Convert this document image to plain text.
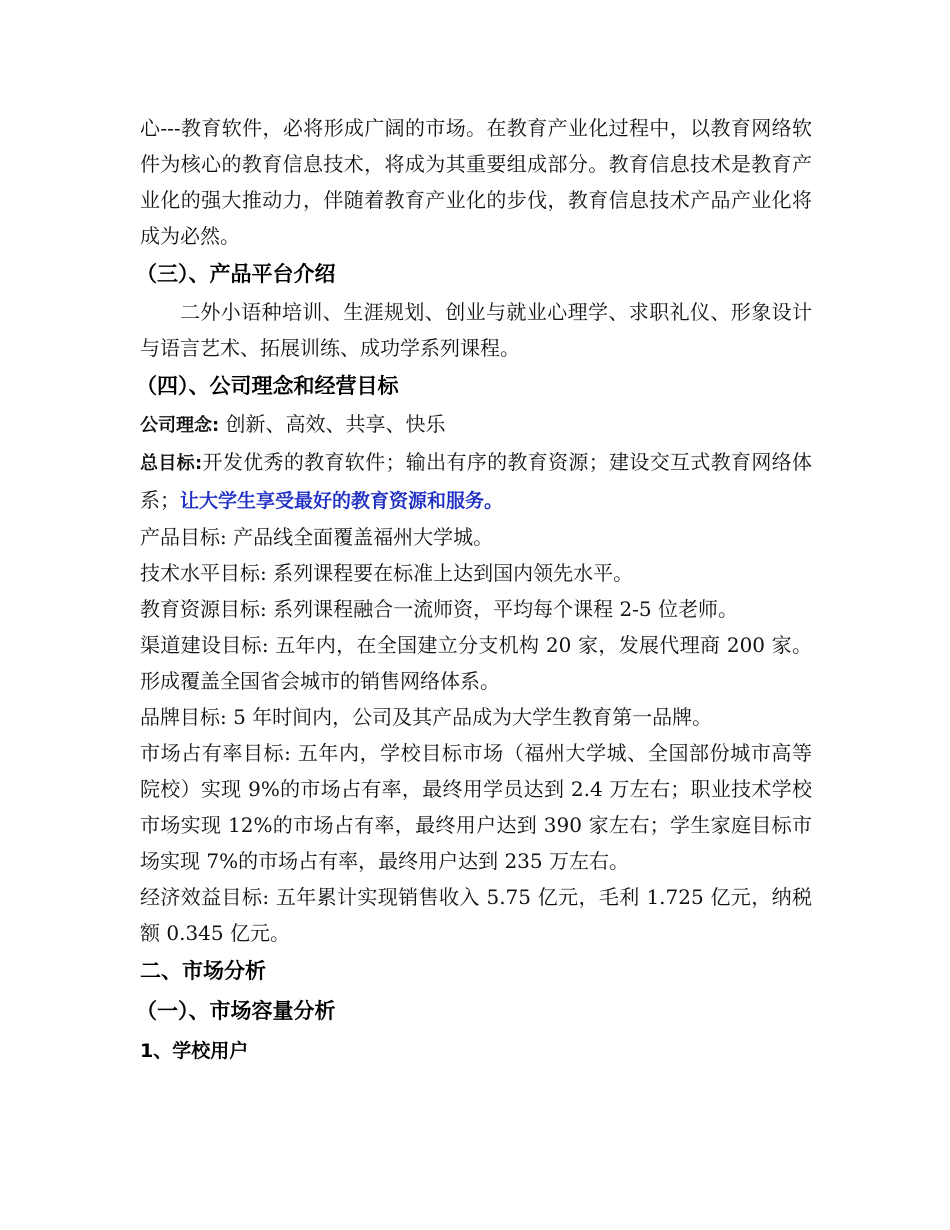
心---教育软件，必将形成广阔的市场。在教育产业化过程中，以教育网络软件为核心的教育信息技术，将成为其重要组成部分。教育信息技术是教育产业化的强大推动力，伴随着教育产业化的步伐，教育信息技术产品产业化将成为必然。

（三）、产品平台介绍

二外小语种培训、生涯规划、创业与就业心理学、求职礼仪、形象设计与语言艺术、拓展训练、成功学系列课程。

（四）、公司理念和经营目标

公司理念: 创新、高效、共享、快乐

总目标:开发优秀的教育软件；输出有序的教育资源；建设交互式教育网络体系；让大学生享受最好的教育资源和服务。

产品目标: 产品线全面覆盖福州大学城。

技术水平目标: 系列课程要在标准上达到国内领先水平。

教育资源目标: 系列课程融合一流师资，平均每个课程 2-5 位老师。

渠道建设目标: 五年内，在全国建立分支机构 20 家，发展代理商 200 家。形成覆盖全国省会城市的销售网络体系。

品牌目标: 5 年时间内，公司及其产品成为大学生教育第一品牌。

市场占有率目标: 五年内，学校目标市场（福州大学城、全国部份城市高等院校）实现 9%的市场占有率，最终用学员达到 2.4 万左右；职业技术学校市场实现 12%的市场占有率，最终用户达到 390 家左右；学生家庭目标市场实现 7%的市场占有率，最终用户达到 235 万左右。

经济效益目标: 五年累计实现销售收入 5.75 亿元，毛利 1.725 亿元，纳税额 0.345 亿元。

二、市场分析
（一）、市场容量分析
1、学校用户
